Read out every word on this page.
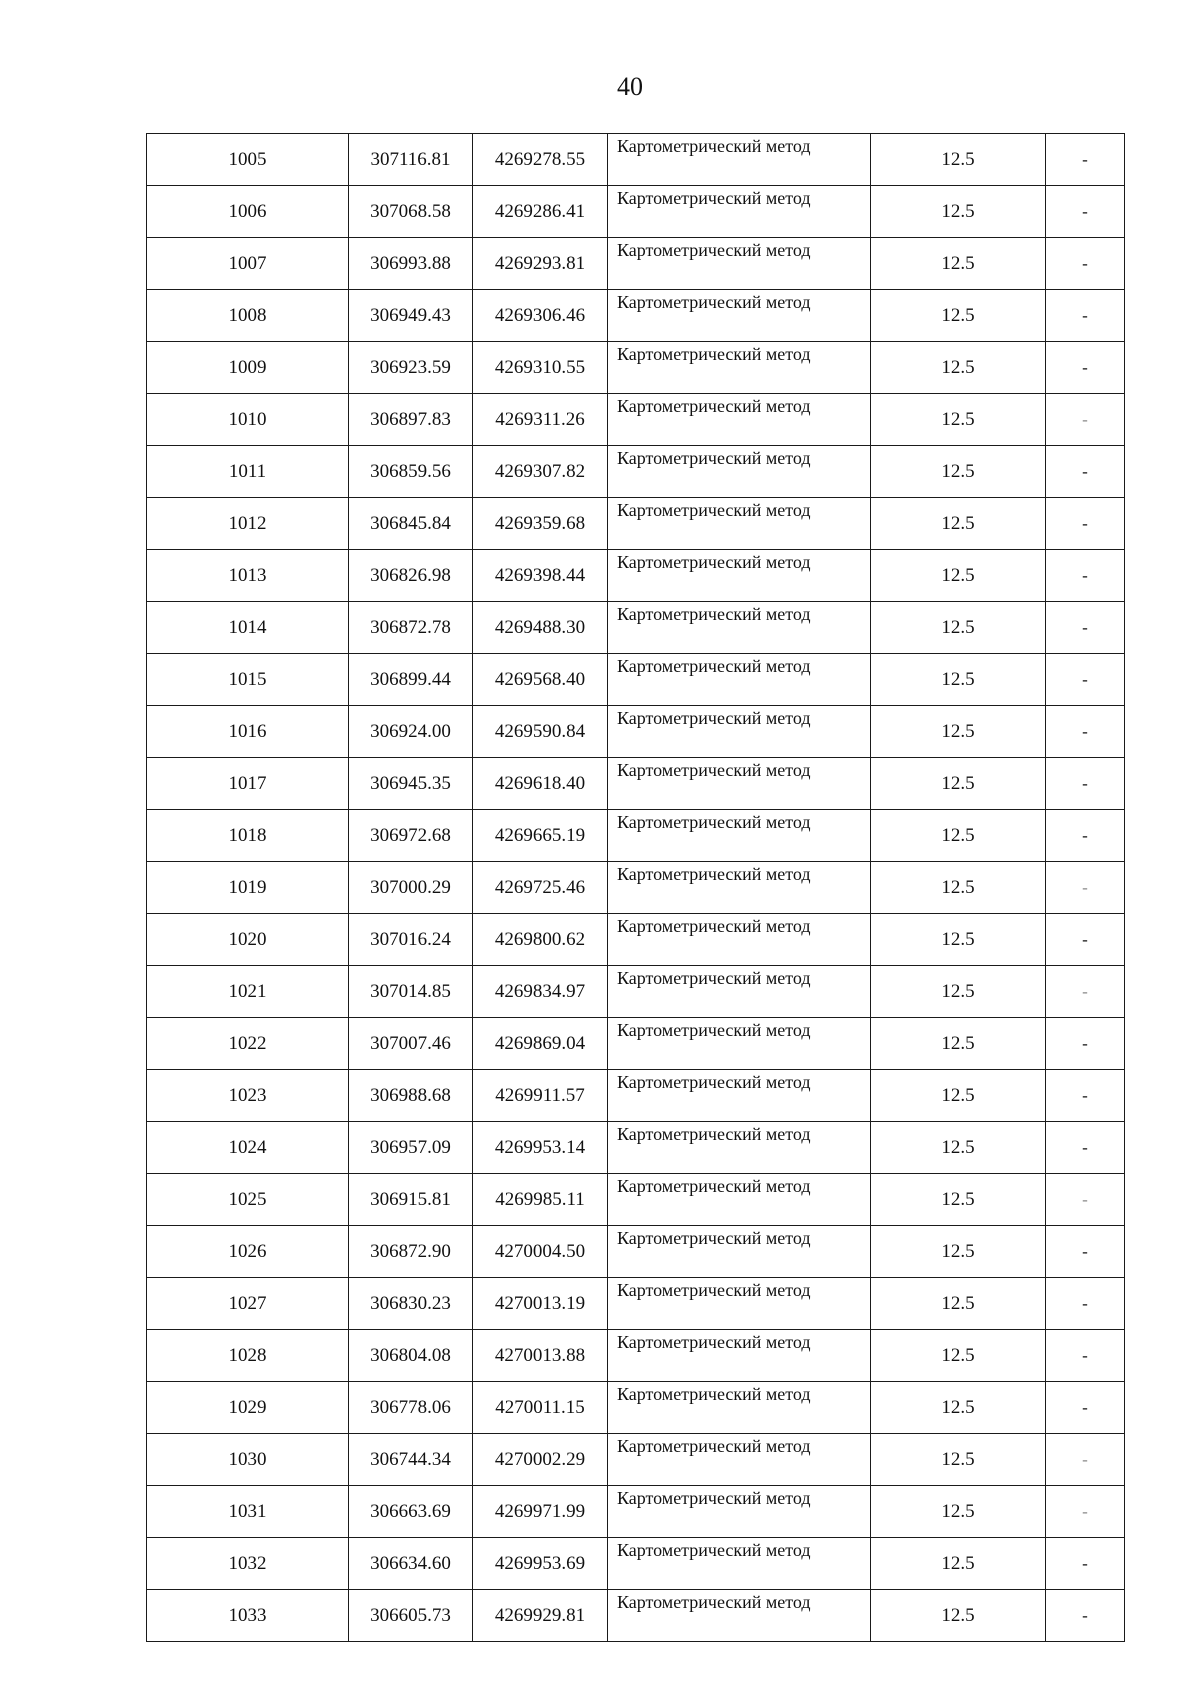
40
1005	307116.81	4269278.55	Картометрический метод	12.5	-
1006	307068.58	4269286.41	Картометрический метод	12.5	-
1007	306993.88	4269293.81	Картометрический метод	12.5	-
1008	306949.43	4269306.46	Картометрический метод	12.5	-
1009	306923.59	4269310.55	Картометрический метод	12.5	-
1010	306897.83	4269311.26	Картометрический метод	12.5	-
1011	306859.56	4269307.82	Картометрический метод	12.5	-
1012	306845.84	4269359.68	Картометрический метод	12.5	-
1013	306826.98	4269398.44	Картометрический метод	12.5	-
1014	306872.78	4269488.30	Картометрический метод	12.5	-
1015	306899.44	4269568.40	Картометрический метод	12.5	-
1016	306924.00	4269590.84	Картометрический метод	12.5	-
1017	306945.35	4269618.40	Картометрический метод	12.5	-
1018	306972.68	4269665.19	Картометрический метод	12.5	-
1019	307000.29	4269725.46	Картометрический метод	12.5	-
1020	307016.24	4269800.62	Картометрический метод	12.5	-
1021	307014.85	4269834.97	Картометрический метод	12.5	-
1022	307007.46	4269869.04	Картометрический метод	12.5	-
1023	306988.68	4269911.57	Картометрический метод	12.5	-
1024	306957.09	4269953.14	Картометрический метод	12.5	-
1025	306915.81	4269985.11	Картометрический метод	12.5	-
1026	306872.90	4270004.50	Картометрический метод	12.5	-
1027	306830.23	4270013.19	Картометрический метод	12.5	-
1028	306804.08	4270013.88	Картометрический метод	12.5	-
1029	306778.06	4270011.15	Картометрический метод	12.5	-
1030	306744.34	4270002.29	Картометрический метод	12.5	-
1031	306663.69	4269971.99	Картометрический метод	12.5	-
1032	306634.60	4269953.69	Картометрический метод	12.5	-
1033	306605.73	4269929.81	Картометрический метод	12.5	-
